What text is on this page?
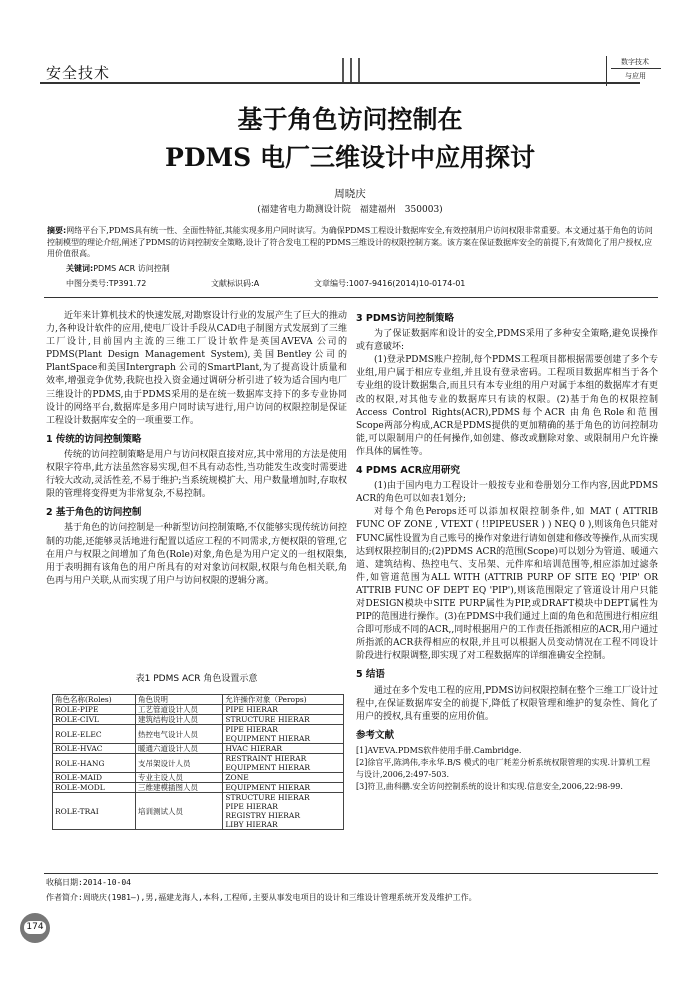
安全技术
数字技术
与应用
基于角色访问控制在
PDMS 电厂三维设计中应用探讨
周晓庆
(福建省电力勘测设计院　福建福州　350003)
摘要:网络平台下,PDMS具有统一性、全面性特征,其能实现多用户同时读写。为确保PDMS工程设计数据库安全,有效控制用户访问权限非常重要。本文通过基于角色的访问控制模型的理论介绍,阐述了PDMS的访问控制安全策略,设计了符合发电工程的PDMS三维设计的权限控制方案。该方案在保证数据库安全的前提下,有效简化了用户授权,应用价值很高。
关键词:PDMS ACR 访问控制
中图分类号:TP391.72	文献标识码:A	文章编号:1007-9416(2014)10-0174-01

近年来计算机技术的快速发展,对勘察设计行业的发展产生了巨大的推动力,各种设计软件的应用,使电厂设计手段从CAD电子制图方式发展到了三维工厂设计,目前国内主流的三维工厂设计软件是英国AVEVA 公司的PDMS(Plant Design Management System),美国Bentley公司的PlantSpace和美国Intergraph 公司的SmartPlant,为了提高设计质量和效率,增强竞争优势,我院也投入资金通过调研分析引进了较为适合国内电厂三维设计的PDMS,由于PDMS采用的是在统一数据库支持下的多专业协同设计的网络平台,数据库是多用户同时读写进行,用户访问的权限控制是保证工程设计数据库安全的一项重要工作。

1 传统的访问控制策略

传统的访问控制策略是用户与访问权限直接对应,其中常用的方法是使用权限字符串,此方法虽然容易实现,但不具有动态性,当功能发生改变时需要进行较大改动,灵活性差,不易于维护;当系统规模扩大、用户数量增加时,存取权限的管理将变得更为非常复杂,不易控制。

2 基于角色的访问控制

基于角色的访问控制是一种新型访问控制策略,不仅能够实现传统访问控制的功能,还能够灵活地进行配置以适应工程的不同需求,方便权限的管理,它在用户与权限之间增加了角色(Role)对象,角色是为用户定义的一组权限集,用于表明拥有该角色的用户所具有的对对象访问权限,权限与角色相关联,角色再与用户关联,从而实现了用户与访问权限的逻辑分离。

表1 PDMS ACR 角色设置示意
角色名称(Roles)	角色说明	允许操作对象（Perops)
ROLE-PIPE	工艺管道设计人员	PIPE HIERAR
ROLE-CIVL	建筑结构设计人员	STRUCTURE HIERAR
ROLE-ELEC	热控电气设计人员	PIPE HIERAR
EQUIPMENT HIERAR
ROLE-HVAC	暖通六道设计人员	HVAC HIERAR
ROLE-HANG	支吊架设计人员	RESTRAINT HIERAR
EQUIPMENT HIERAR
ROLE-MAID	专业主设人员	ZONE
ROLE-MODL	三维建模插图人员	EQUIPMENT HIERAR
ROLE-TRAI	培训测试人员	STRUCTURE HIERAR
PIPE HIERAR
REGISTRY HIERAR
LIBY HIERAR
3 PDMS访问控制策略

为了保证数据库和设计的安全,PDMS采用了多种安全策略,避免误操作或有意破坏:

(1)登录PDMS账户控制,每个PDMS工程项目都根据需要创建了多个专业组,用户属于相应专业组,并且设有登录密码。工程项目数据库相当于各个专业组的设计数据集合,而且只有本专业组的用户对属于本组的数据库才有更改的权限,对其他专业的数据库只有读的权限。(2)基于角色的权限控制Access Control Rights(ACR),PDMS每个ACR 由角色Role和范围Scope两部分构成,ACR是PDMS提供的更加精确的基于角色的访问控制功能,可以限制用户的任何操作,如创建、修改或删除对象、或限制用户允许操作具体的属性等。

4 PDMS ACR应用研究

(1)由于国内电力工程设计一般按专业和卷册划分工作内容,因此PDMS ACR的角色可以如表1划分;

对每个角色Perops还可以添加权限控制条件,如 MAT ( ATTRIB FUNC OF ZONE , VTEXT ( !!PIPEUSER ) ) NEQ 0 ),则该角色只能对FUNC属性设置为自己账号的操作对象进行请如创建和修改等操作,从而实现达到权限控制目的;(2)PDMS ACR的范围(Scope)可以划分为管道、暖通六道、建筑结构、热控电气、支吊架、元件库和培训范围等,相应添加过滤条件,如管道范围为ALL WITH (ATTRIB PURP OF SITE EQ 'PIP' OR ATTRIB FUNC OF DEPT EQ 'PIP'),则该范围限定了管道设计用户只能对DESIGN模块中SITE PURP属性为PIP,或DRAFT模块中DEPT属性为PIP的范围进行操作。(3)在PDMS中我们通过上面的角色和范围进行相应组合即可形成不同的ACR,,同时根据用户的工作责任指派相应的ACR,用户通过所指派的ACR获得相应的权限,并且可以根据人员变动情况在工程不同设计阶段进行权限调整,即实现了对工程数据库的详细准确安全控制。

5 结语

通过在多个发电工程的应用,PDMS访问权限控制在整个三维工厂设计过程中,在保证数据库安全的前提下,降低了权限管理和维护的复杂性、简化了用户的授权,具有重要的应用价值。

参考文献
[1]AVEVA.PDMS软件使用手册.Cambridge.
[2]徐官平,陈鸿伟,李永华.B/S 模式的电厂耗差分析系统权限管理的实现.计算机工程与设计,2006,2:497-503.
[3]符卫,曲科鹏.安全访问控制系统的设计和实现.信息安全,2006,22:98-99.
收稿日期:2014-10-04
作者简介:周晓庆(1981—),男,福建龙海人,本科,工程师,主要从事发电项目的设计和三维设计管理系统开发及维护工作。
174
